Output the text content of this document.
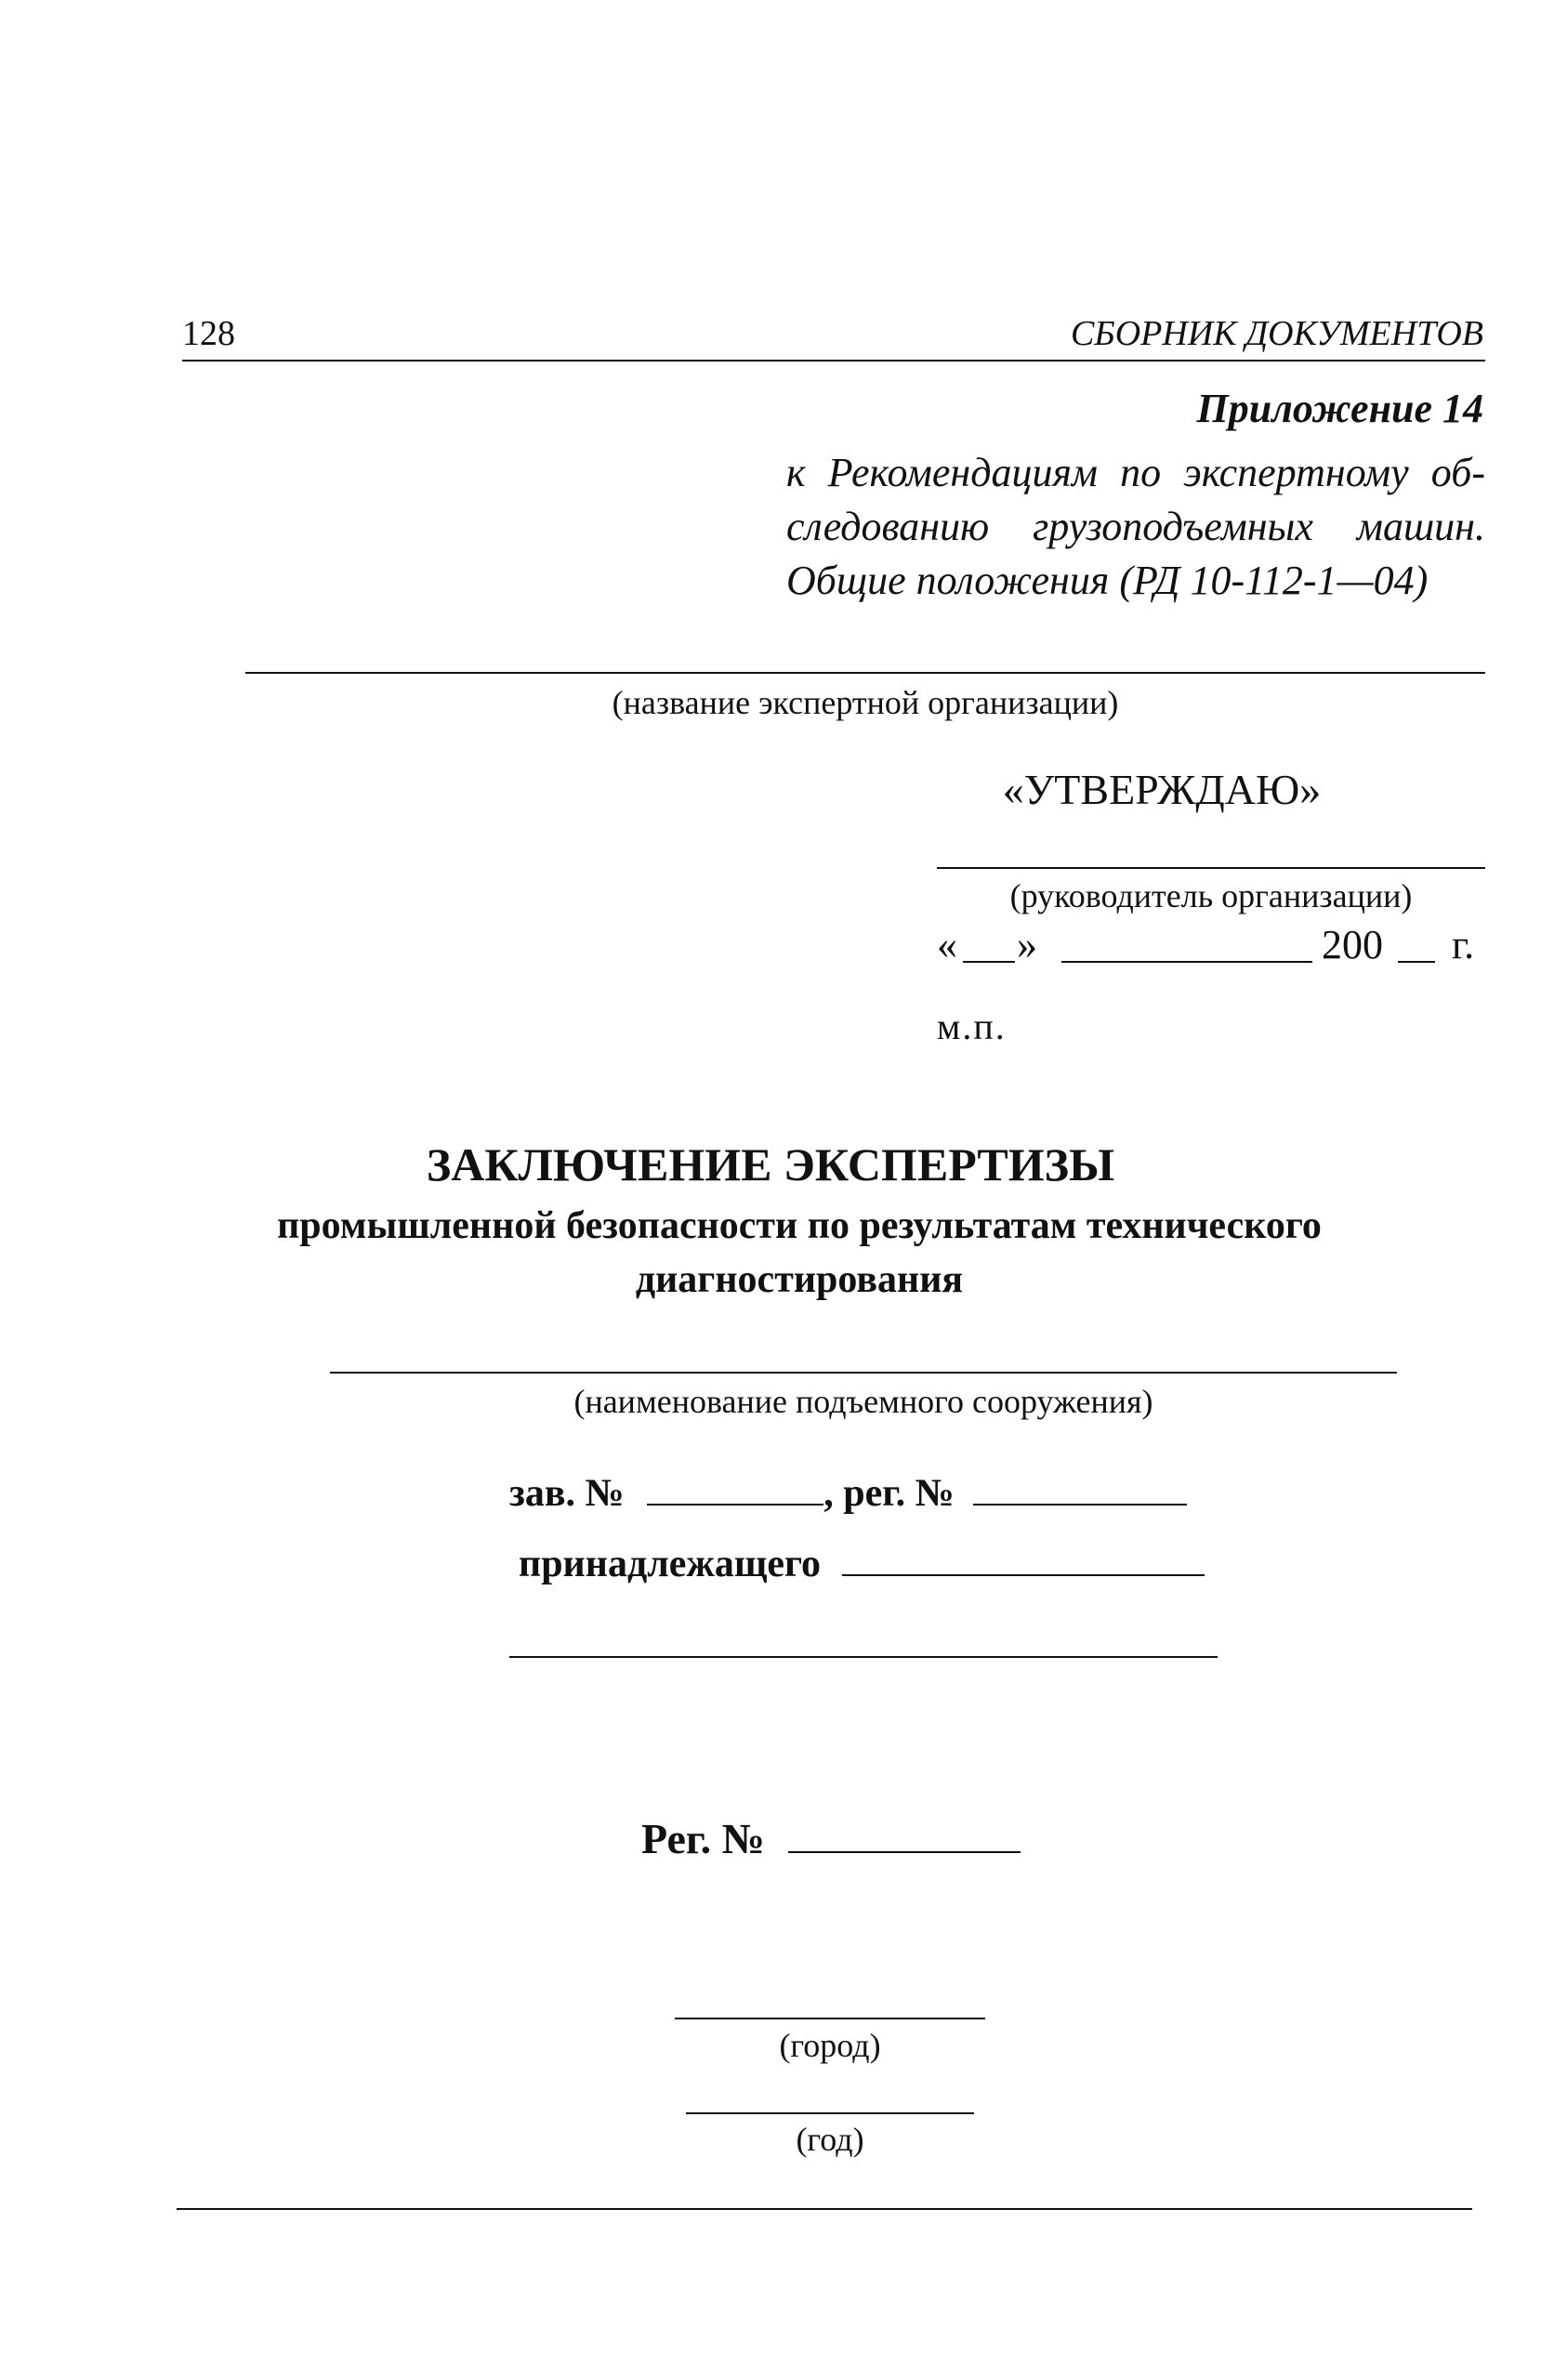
128	СБОРНИК ДОКУМЕНТОВ
Приложение 14
к Рекомендациям по экспертному об-
следованию грузоподъемных машин.
Общие положения (РД 10-112-1—04)
(название экспертной организации)
«УТВЕРЖДАЮ»
(руководитель организации)
« »	200 г.
м.п.
ЗАКЛЮЧЕНИЕ ЭКСПЕРТИЗЫ
промышленной безопасности по результатам технического
диагностирования
(наименование подъемного сооружения)
зав. №	, рег. №
принадлежащего
Рег. №
(город)
(год)
